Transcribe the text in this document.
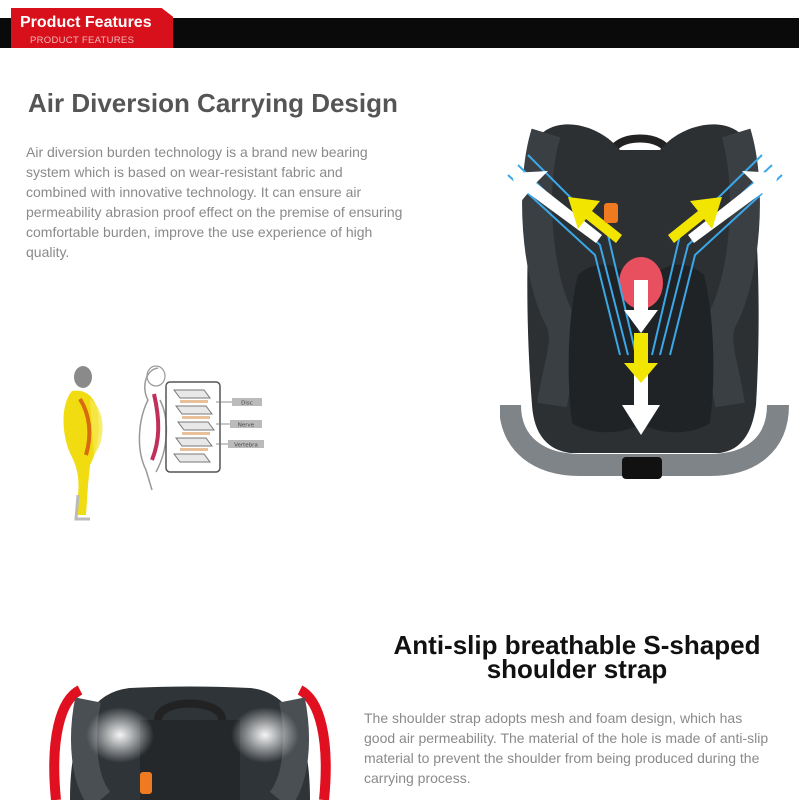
Product Features
PRODUCT FEATURES
Air Diversion Carrying Design
Air diversion burden technology is a brand new bearing system which is based on wear-resistant fabric and combined with innovative technology. It can ensure air permeability abrasion proof effect on the premise of ensuring comfortable burden, improve the use experience of high quality.
Disc
Nerve
Vertebra
Anti-slip breathable S-shaped shoulder strap
The shoulder strap adopts mesh and foam design, which has
good air permeability. The material of the hole is made of anti-slip
material to prevent the shoulder from being produced during the
carrying process.
